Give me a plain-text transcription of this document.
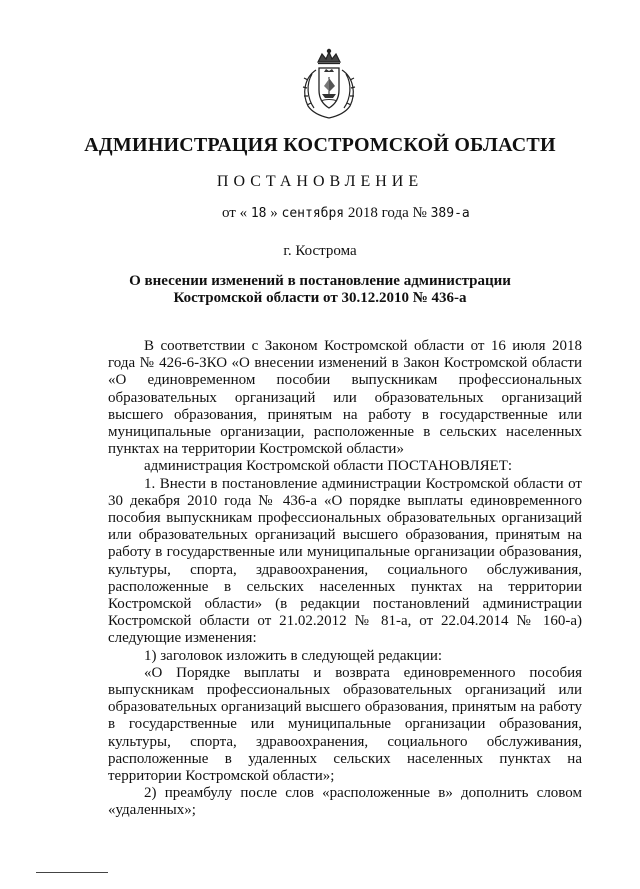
АДМИНИСТРАЦИЯ КОСТРОМСКОЙ ОБЛАСТИ
ПОСТАНОВЛЕНИЕ
от « 18 » сентября 2018 года № 389-а
г. Кострома
О внесении изменений в постановление администрации
Костромской области от 30.12.2010 № 436-а

В соответствии с Законом Костромской области от 16 июля 2018 года № 426-6-ЗКО «О внесении изменений в Закон Костромской области «О единовременном пособии выпускникам профессиональных образовательных организаций или образовательных организаций высшего образования, принятым на работу в государственные или муниципальные организации, расположенные в сельских населенных пунктах на территории Костромской области»

администрация Костромской области ПОСТАНОВЛЯЕТ:

1. Внести в постановление администрации Костромской области от 30 декабря 2010 года № 436-а «О порядке выплаты единовременного пособия выпускникам профессиональных образовательных организаций или образовательных организаций высшего образования, принятым на работу в государственные или муниципальные организации образования, культуры, спорта, здравоохранения, социального обслуживания, расположенные в сельских населенных пунктах на территории Костромской области» (в редакции постановлений администрации Костромской области от 21.02.2012 № 81-а, от 22.04.2014 № 160-а) следующие изменения:

1) заголовок изложить в следующей редакции:

«О Порядке выплаты и возврата единовременного пособия выпускникам профессиональных образовательных организаций или образовательных организаций высшего образования, принятым на работу в государственные или муниципальные организации образования, культуры, спорта, здравоохранения, социального обслуживания, расположенные в удаленных сельских населенных пунктах на территории Костромской области»;

2) преамбулу после слов «расположенные в» дополнить словом «удаленных»;
